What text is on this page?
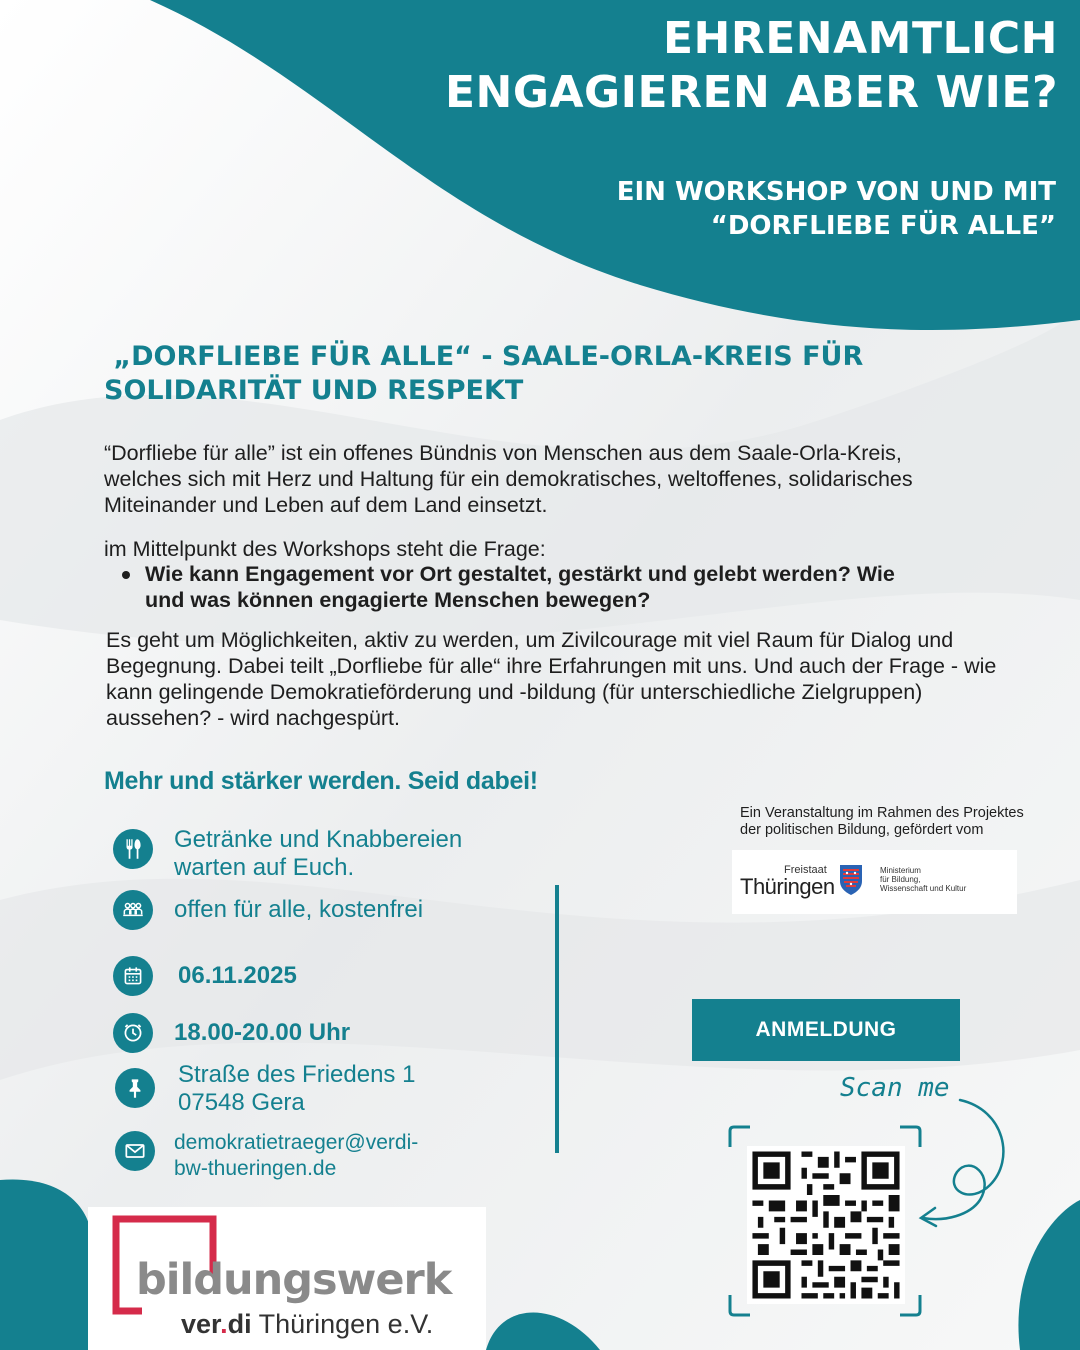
EHRENAMTLICH
ENGAGIEREN ABER WIE?
EIN WORKSHOP VON UND MIT
“DORFLIEBE FÜR ALLE”
„DORFLIEBE FÜR ALLE“ - SAALE-ORLA-KREIS FÜR
SOLIDARITÄT UND RESPEKT

“Dorfliebe für alle” ist ein offenes Bündnis von Menschen aus dem Saale-Orla-Kreis, welches sich mit Herz und Haltung für ein demokratisches, weltoffenes, solidarisches Miteinander und Leben auf dem Land einsetzt.

im Mittelpunkt des Workshops steht die Frage:

Wie kann Engagement vor Ort gestaltet, gestärkt und gelebt werden? Wie und was können engagierte Menschen bewegen?

Es geht um Möglichkeiten, aktiv zu werden, um Zivilcourage mit viel Raum für Dialog und Begegnung. Dabei teilt „Dorfliebe für alle“ ihre Erfahrungen mit uns. Und auch der Frage - wie kann gelingende Demokratieförderung und -bildung (für unterschiedliche Zielgruppen) aussehen? - wird nachgespürt.

Mehr und stärker werden. Seid dabei!

Getränke und Knabbereien
warten auf Euch.

offen für alle, kostenfrei

06.11.2025

18.00-20.00 Uhr

Straße des Friedens 1
07548 Gera

demokratietraeger@verdi-
bw-thueringen.de

Ein Veranstaltung im Rahmen des Projektes
der politischen Bildung, gefördert vom

Freistaat
Thüringen
Ministerium
für Bildung,
Wissenschaft und Kultur
ANMELDUNG
Scan me
bildungswerk
ver.di Thüringen e.V.
